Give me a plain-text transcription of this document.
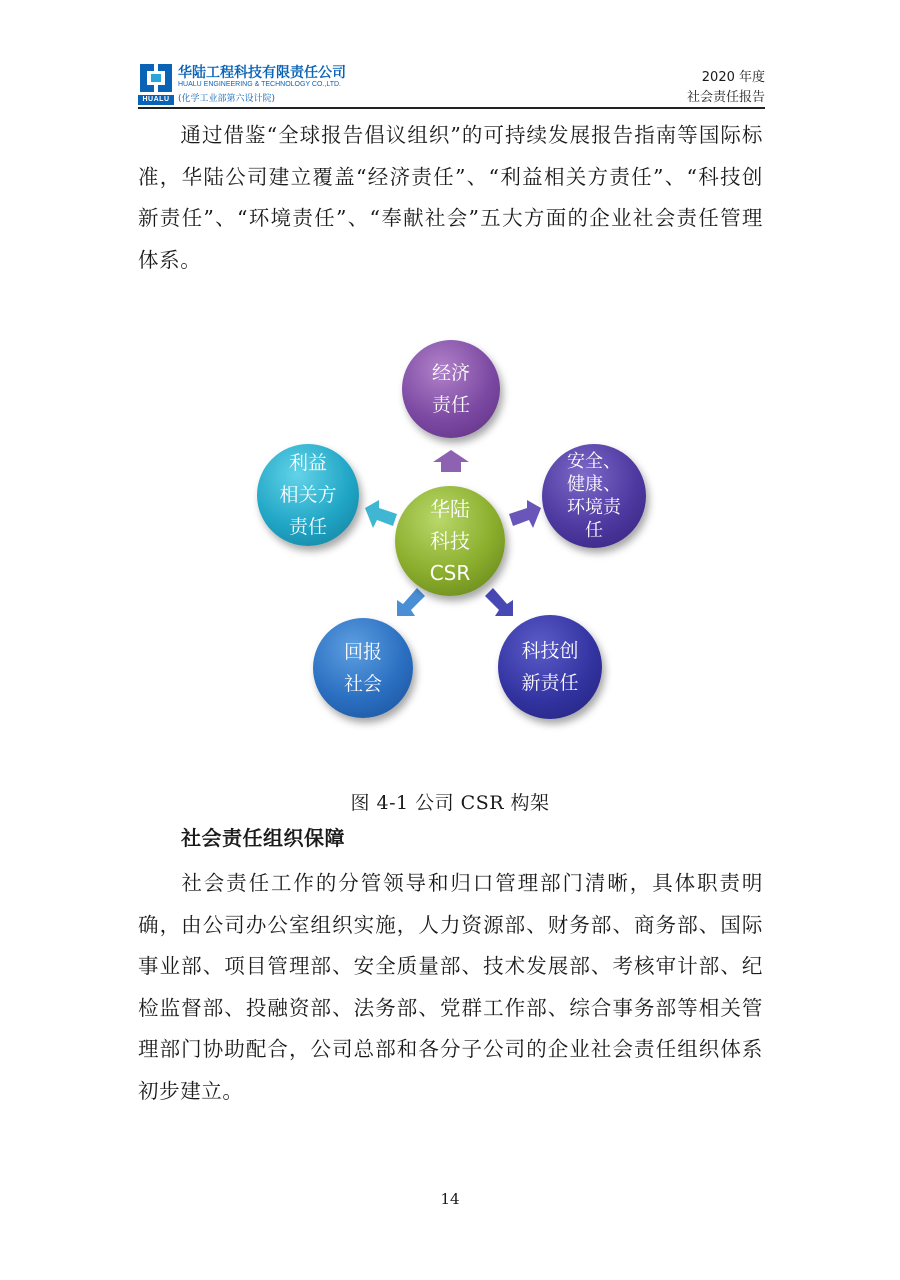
HUALU
华陆工程科技有限责任公司
HUALU ENGINEERING & TECHNOLOGY CO.,LTD.
(化学工业部第六设计院)
2020 年度
社会责任报告

通过借鉴“全球报告倡议组织”的可持续发展报告指南等国际标准，华陆公司建立覆盖“经济责任”、“利益相关方责任”、“科技创新责任”、“环境责任”、“奉献社会”五大方面的企业社会责任管理体系。

经济
责任
利益
相关方
责任
安全、
健康、
环境责
任
华陆
科技
CSR
回报
社会
科技创
新责任
图 4-1 公司 CSR 构架
社会责任组织保障

社会责任工作的分管领导和归口管理部门清晰，具体职责明确，由公司办公室组织实施，人力资源部、财务部、商务部、国际事业部、项目管理部、安全质量部、技术发展部、考核审计部、纪检监督部、投融资部、法务部、党群工作部、综合事务部等相关管理部门协助配合，公司总部和各分子公司的企业社会责任组织体系初步建立。

14
